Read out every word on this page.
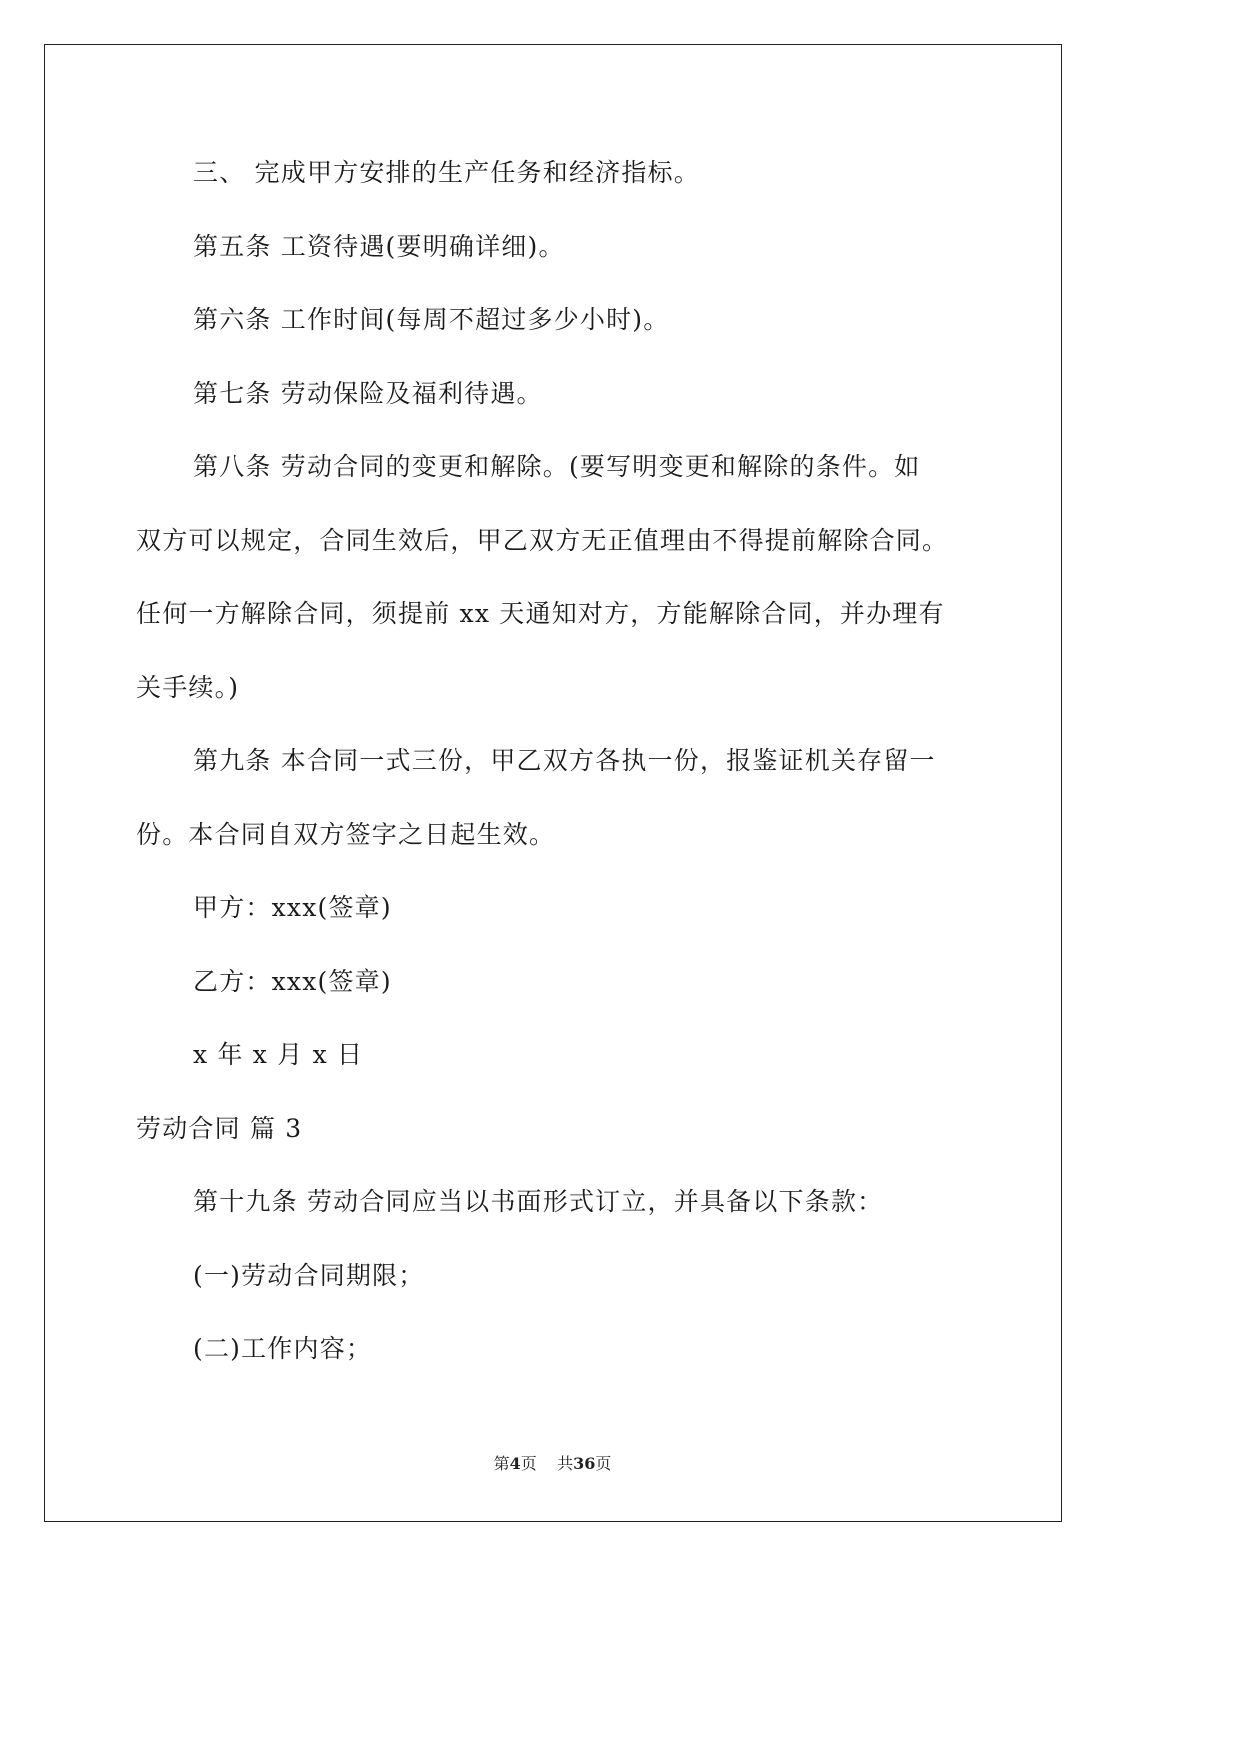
三、 完成甲方安排的生产任务和经济指标。
第五条 工资待遇(要明确详细)。
第六条 工作时间(每周不超过多少小时)。
第七条 劳动保险及福利待遇。
第八条 劳动合同的变更和解除。(要写明变更和解除的条件。如
双方可以规定，合同生效后，甲乙双方无正值理由不得提前解除合同。
任何一方解除合同，须提前 xx 天通知对方，方能解除合同，并办理有
关手续。)
第九条 本合同一式三份，甲乙双方各执一份，报鉴证机关存留一
份。本合同自双方签字之日起生效。
甲方：xxx(签章)
乙方：xxx(签章)
x 年 x 月 x 日
劳动合同 篇 3
第十九条 劳动合同应当以书面形式订立，并具备以下条款：
(一)劳动合同期限；
(二)工作内容；
第4页 共36页
